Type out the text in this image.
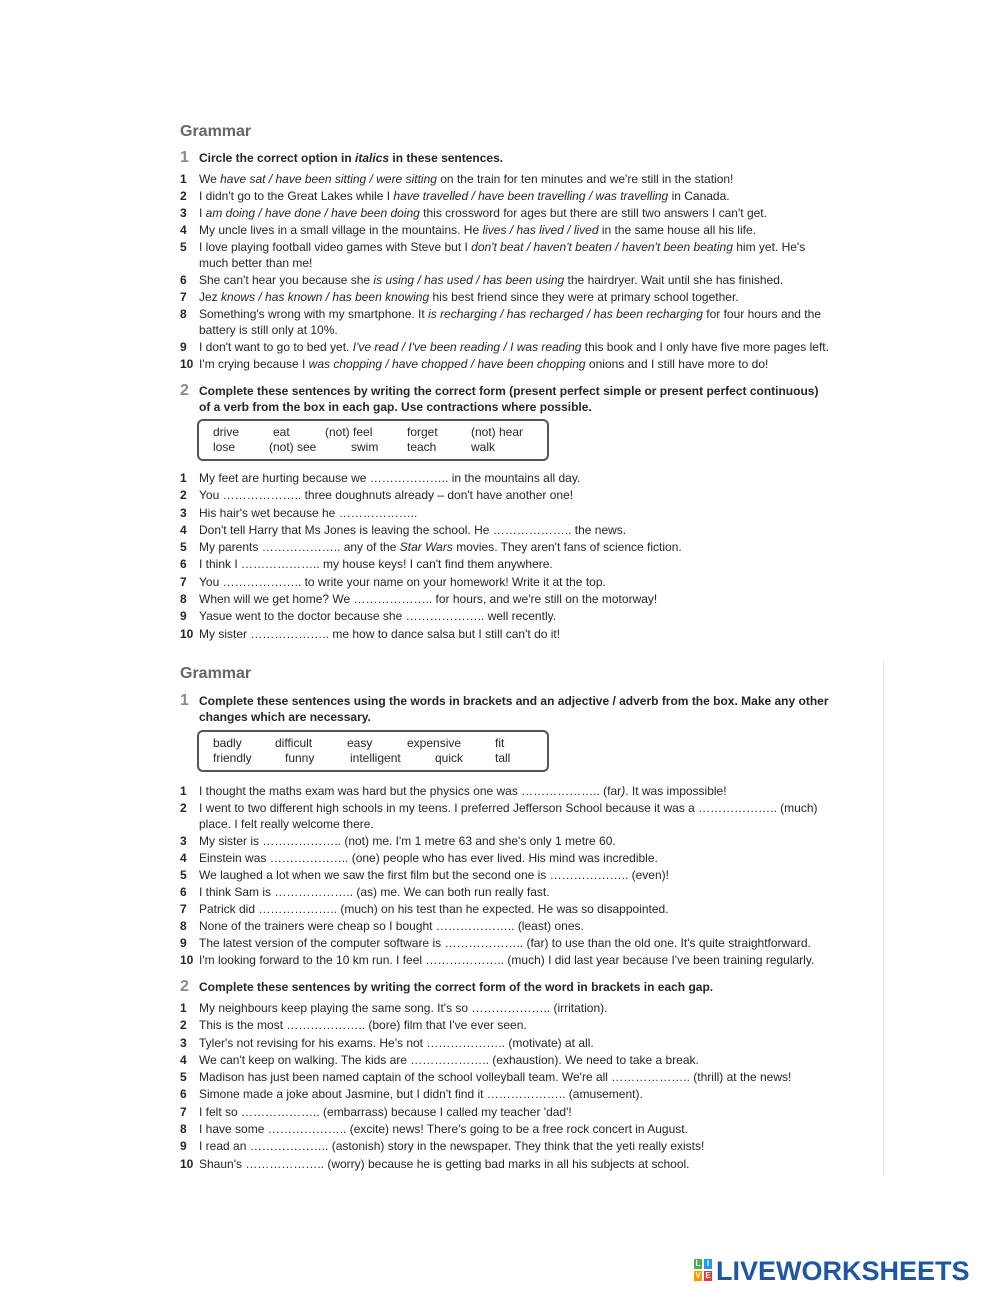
Grammar
1 Circle the correct option in italics in these sentences.
1	We have sat / have been sitting / were sitting on the train for ten minutes and we're still in the station!
2	I didn't go to the Great Lakes while I have travelled / have been travelling / was travelling in Canada.
3	I am doing / have done / have been doing this crossword for ages but there are still two answers I can't get.
4	My uncle lives in a small village in the mountains. He lives / has lived / lived in the same house all his life.
5	I love playing football video games with Steve but I don't beat / haven't beaten / haven't been beating him yet. He's much better than me!
6	She can't hear you because she is using / has used / has been using the hairdryer. Wait until she has finished.
7	Jez knows / has known / has been knowing his best friend since they were at primary school together.
8	Something's wrong with my smartphone. It is recharging / has recharged / has been recharging for four hours and the battery is still only at 10%.
9	I don't want to go to bed yet. I've read / I've been reading / I was reading this book and I only have five more pages left.
10 I'm crying because I was chopping / have chopped / have been chopping onions and I still have more to do!
2 Complete these sentences by writing the correct form (present perfect simple or present perfect continuous) of a verb from the box in each gap. Use contractions where possible.
drive	eat	(not) feel	forget	(not) hear
lose	(not) see	swim	teach	walk
1	My feet are hurting because we ……………….. in the mountains all day.
2	You ……………….. three doughnuts already – don't have another one!
3	His hair's wet because he ………………..
4	Don't tell Harry that Ms Jones is leaving the school. He ……………….. the news.
5	My parents ……………….. any of the Star Wars movies. They aren't fans of science fiction.
6	I think I ……………….. my house keys! I can't find them anywhere.
7	You ……………….. to write your name on your homework! Write it at the top.
8	When will we get home? We ……………….. for hours, and we're still on the motorway!
9	Yasue went to the doctor because she ……………….. well recently.
10 My sister ……………….. me how to dance salsa but I still can't do it!
Grammar
1 Complete these sentences using the words in brackets and an adjective / adverb from the box. Make any other changes which are necessary.
badly	difficult	easy	expensive	fit
friendly	funny	intelligent	quick	tall
1	I thought the maths exam was hard but the physics one was ……………….. (far). It was impossible!
2	I went to two different high schools in my teens. I preferred Jefferson School because it was a ……………….. (much) place. I felt really welcome there.
3	My sister is ……………….. (not) me. I'm 1 metre 63 and she's only 1 metre 60.
4	Einstein was ……………….. (one) people who has ever lived. His mind was incredible.
5	We laughed a lot when we saw the first film but the second one is ……………….. (even)!
6	I think Sam is ……………….. (as) me. We can both run really fast.
7	Patrick did ……………….. (much) on his test than he expected. He was so disappointed.
8	None of the trainers were cheap so I bought ……………….. (least) ones.
9	The latest version of the computer software is ……………….. (far) to use than the old one. It's quite straightforward.
10 I'm looking forward to the 10 km run. I feel ……………….. (much) I did last year because I've been training regularly.
2 Complete these sentences by writing the correct form of the word in brackets in each gap.
1	My neighbours keep playing the same song. It's so ……………….. (irritation).
2	This is the most ……………….. (bore) film that I've ever seen.
3	Tyler's not revising for his exams. He's not ……………….. (motivate) at all.
4	We can't keep on walking. The kids are ……………….. (exhaustion). We need to take a break.
5	Madison has just been named captain of the school volleyball team. We're all ……………….. (thrill) at the news!
6	Simone made a joke about Jasmine, but I didn't find it ……………….. (amusement).
7	I felt so ……………….. (embarrass) because I called my teacher 'dad'!
8	I have some ……………….. (excite) news! There's going to be a free rock concert in August.
9	I read an ……………….. (astonish) story in the newspaper. They think that the yeti really exists!
10 Shaun's ……………….. (worry) because he is getting bad marks in all his subjects at school.
L I
V E LIVEWORKSHEETS
